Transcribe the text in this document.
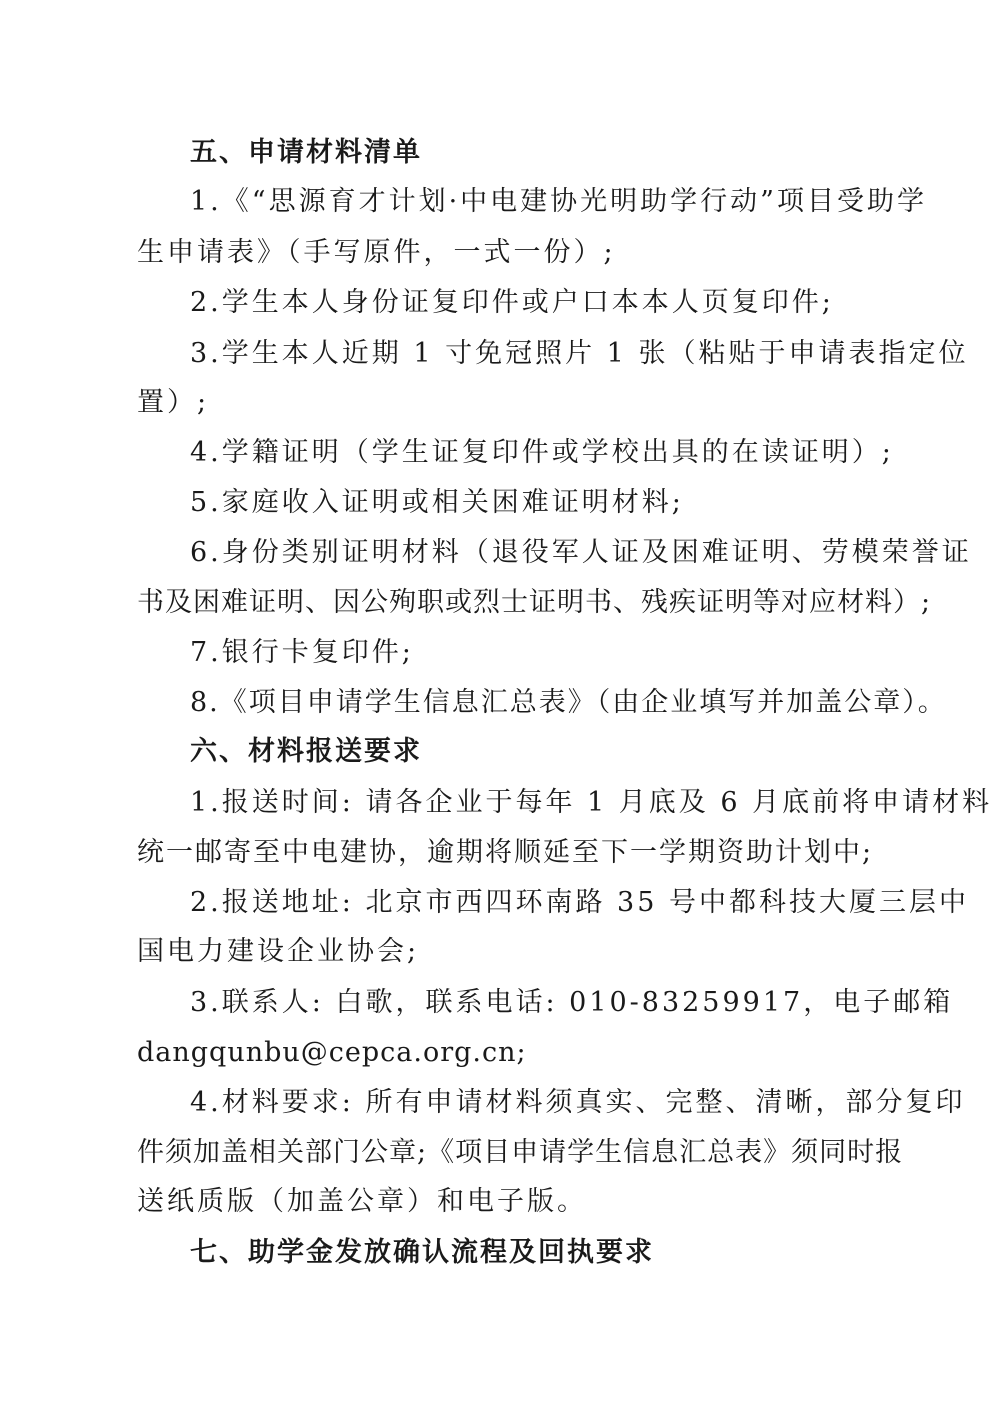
五、申请材料清单
1.《“思源育才计划·中电建协光明助学行动”项目受助学
生申请表》（手写原件，一式一份）;
2.学生本人身份证复印件或户口本本人页复印件;
3.学生本人近期 1 寸免冠照片 1 张（粘贴于申请表指定位
置）;
4.学籍证明（学生证复印件或学校出具的在读证明）;
5.家庭收入证明或相关困难证明材料;
6.身份类别证明材料（退役军人证及困难证明、劳模荣誉证
书及困难证明、因公殉职或烈士证明书、残疾证明等对应材料）;
7.银行卡复印件;
8.《项目申请学生信息汇总表》（由企业填写并加盖公章）。
六、材料报送要求
1.报送时间: 请各企业于每年 1 月底及 6 月底前将申请材料
统一邮寄至中电建协，逾期将顺延至下一学期资助计划中;
2.报送地址: 北京市西四环南路 35 号中都科技大厦三层中
国电力建设企业协会;
3.联系人: 白歌，联系电话: 010-83259917，电子邮箱
dangqunbu@cepca.org.cn;
4.材料要求: 所有申请材料须真实、完整、清晰，部分复印
件须加盖相关部门公章;《项目申请学生信息汇总表》须同时报
送纸质版（加盖公章）和电子版。
七、助学金发放确认流程及回执要求
